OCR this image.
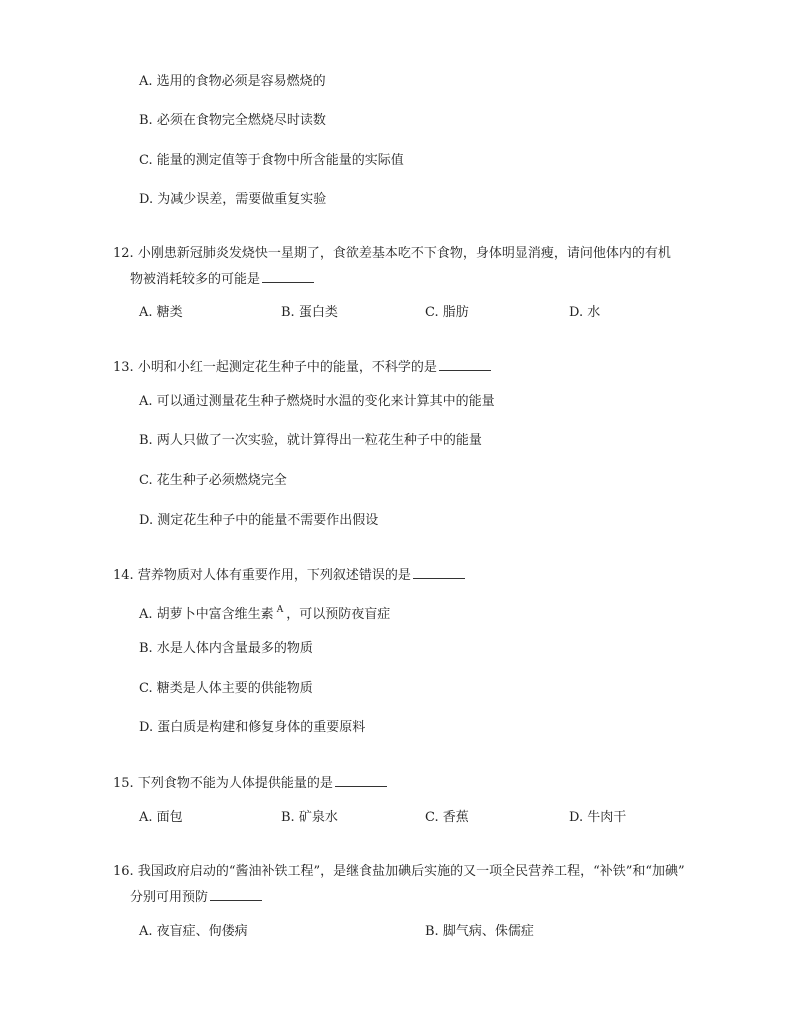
A. 选用的食物必须是容易燃烧的
B. 必须在食物完全燃烧尽时读数
C. 能量的测定值等于食物中所含能量的实际值
D. 为减少误差，需要做重复实验
12. 小刚患新冠肺炎发烧快一星期了，食欲差基本吃不下食物，身体明显消瘦，请问他体内的有机
物被消耗较多的可能是
A. 糖类	B. 蛋白类	C. 脂肪	D. 水
13. 小明和小红一起测定花生种子中的能量，不科学的是
A. 可以通过测量花生种子燃烧时水温的变化来计算其中的能量
B. 两人只做了一次实验，就计算得出一粒花生种子中的能量
C. 花生种子必须燃烧完全
D. 测定花生种子中的能量不需要作出假设
14. 营养物质对人体有重要作用，下列叙述错误的是
A. 胡萝卜中富含维生素 $^A$ ，可以预防夜盲症
B. 水是人体内含量最多的物质
C. 糖类是人体主要的供能物质
D. 蛋白质是构建和修复身体的重要原料
15. 下列食物不能为人体提供能量的是
A. 面包	B. 矿泉水	C. 香蕉	D. 牛肉干
16. 我国政府启动的“酱油补铁工程”，是继食盐加碘后实施的又一项全民营养工程，“补铁”和“加碘”
分别可用预防
A. 夜盲症、佝偻病	B. 脚气病、侏儒症
